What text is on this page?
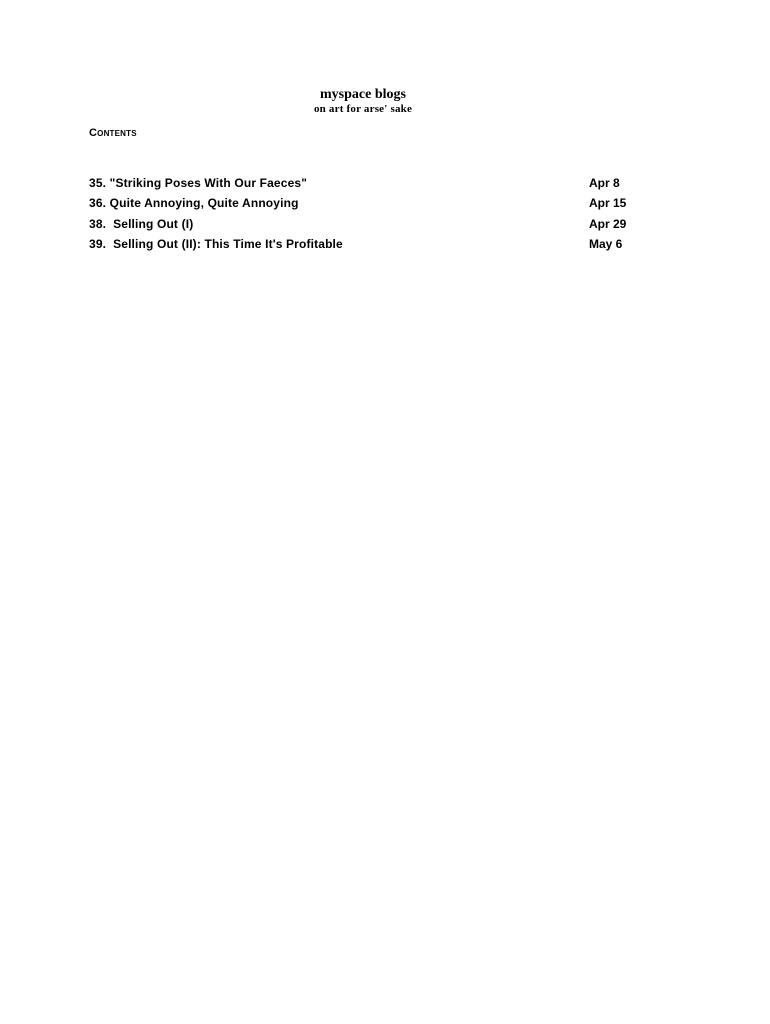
myspace blogs
on art for arse' sake
Contents
35. "Striking Poses With Our Faeces"	Apr 8
36. Quite Annoying, Quite Annoying	Apr 15
38.  Selling Out (I)	Apr 29
39.  Selling Out (II): This Time It's Profitable	May 6
